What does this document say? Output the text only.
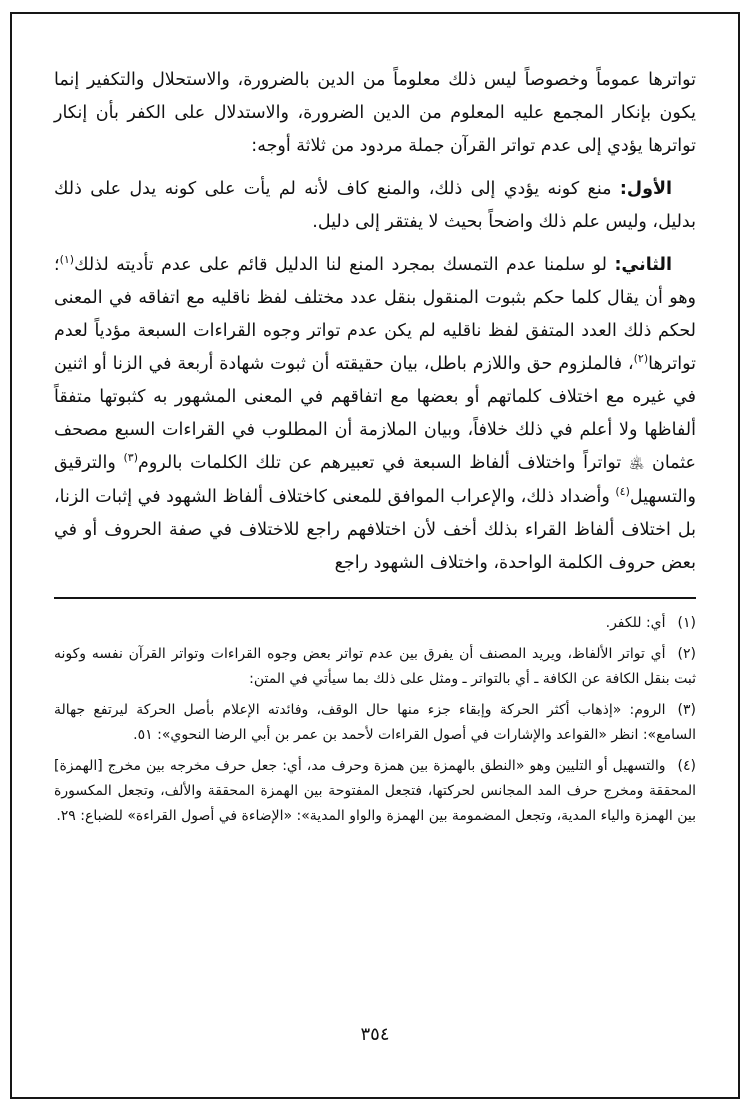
تواترها عموماً وخصوصاً ليس ذلك معلوماً من الدين بالضرورة، والاستحلال والتكفير إنما يكون بإنكار المجمع عليه المعلوم من الدين الضرورة، والاستدلال على الكفر بأن إنكار تواترها يؤدي إلى عدم تواتر القرآن جملة مردود من ثلاثة أوجه:

الأول: منع كونه يؤدي إلى ذلك، والمنع كاف لأنه لم يأت على كونه يدل على ذلك بدليل، وليس علم ذلك واضحاً بحيث لا يفتقر إلى دليل.

الثاني: لو سلمنا عدم التمسك بمجرد المنع لنا الدليل قائم على عدم تأديته لذلك$^{(١)}$؛ وهو أن يقال كلما حكم بثبوت المنقول بنقل عدد مختلف لفظ ناقليه مع اتفاقه في المعنى لحكم ذلك العدد المتفق لفظ ناقليه لم يكن عدم تواتر وجوه القراءات السبعة مؤدياً لعدم تواترها$^{(٢)}$، فالملزوم حق واللازم باطل، بيان حقيقته أن ثبوت شهادة أربعة في الزنا أو اثنين في غيره مع اختلاف كلماتهم أو بعضها مع اتفاقهم في المعنى المشهور به كثبوتها متفقاً ألفاظها ولا أعلم في ذلك خلافاً، وبيان الملازمة أن المطلوب في القراءات السبع مصحف عثمان ﵁ تواتراً واختلاف ألفاظ السبعة في تعبيرهم عن تلك الكلمات بالروم$^{(٣)}$ والترقيق والتسهيل$^{(٤)}$ وأضداد ذلك، والإعراب الموافق للمعنى كاختلاف ألفاظ الشهود في إثبات الزنا، بل اختلاف ألفاظ القراء بذلك أخف لأن اختلافهم راجع للاختلاف في صفة الحروف أو في بعض حروف الكلمة الواحدة، واختلاف الشهود راجع

(١)أي: للكفر.

(٢)أي تواتر الألفاظ، ويريد المصنف أن يفرق بين عدم تواتر بعض وجوه القراءات وتواتر القرآن نفسه وكونه ثبت بنقل الكافة عن الكافة ـ أي بالتواتر ـ ومثل على ذلك بما سيأتي في المتن:

(٣)الروم: «إذهاب أكثر الحركة وإبقاء جزء منها حال الوقف، وفائدته الإعلام بأصل الحركة ليرتفع جهالة السامع»: انظر «القواعد والإشارات في أصول القراءات لأحمد بن عمر بن أبي الرضا النحوي»: ٥١.

(٤)والتسهيل أو التليين وهو «النطق بالهمزة بين همزة وحرف مد، أي: جعل حرف مخرجه بين مخرج [الهمزة] المحققة ومخرج حرف المد المجانس لحركتها، فتجعل المفتوحة بين الهمزة المحققة والألف، وتجعل المكسورة بين الهمزة والياء المدية، وتجعل المضمومة بين الهمزة والواو المدية»: «الإضاءة في أصول القراءة» للضباع: ٢٩.

٣٥٤
